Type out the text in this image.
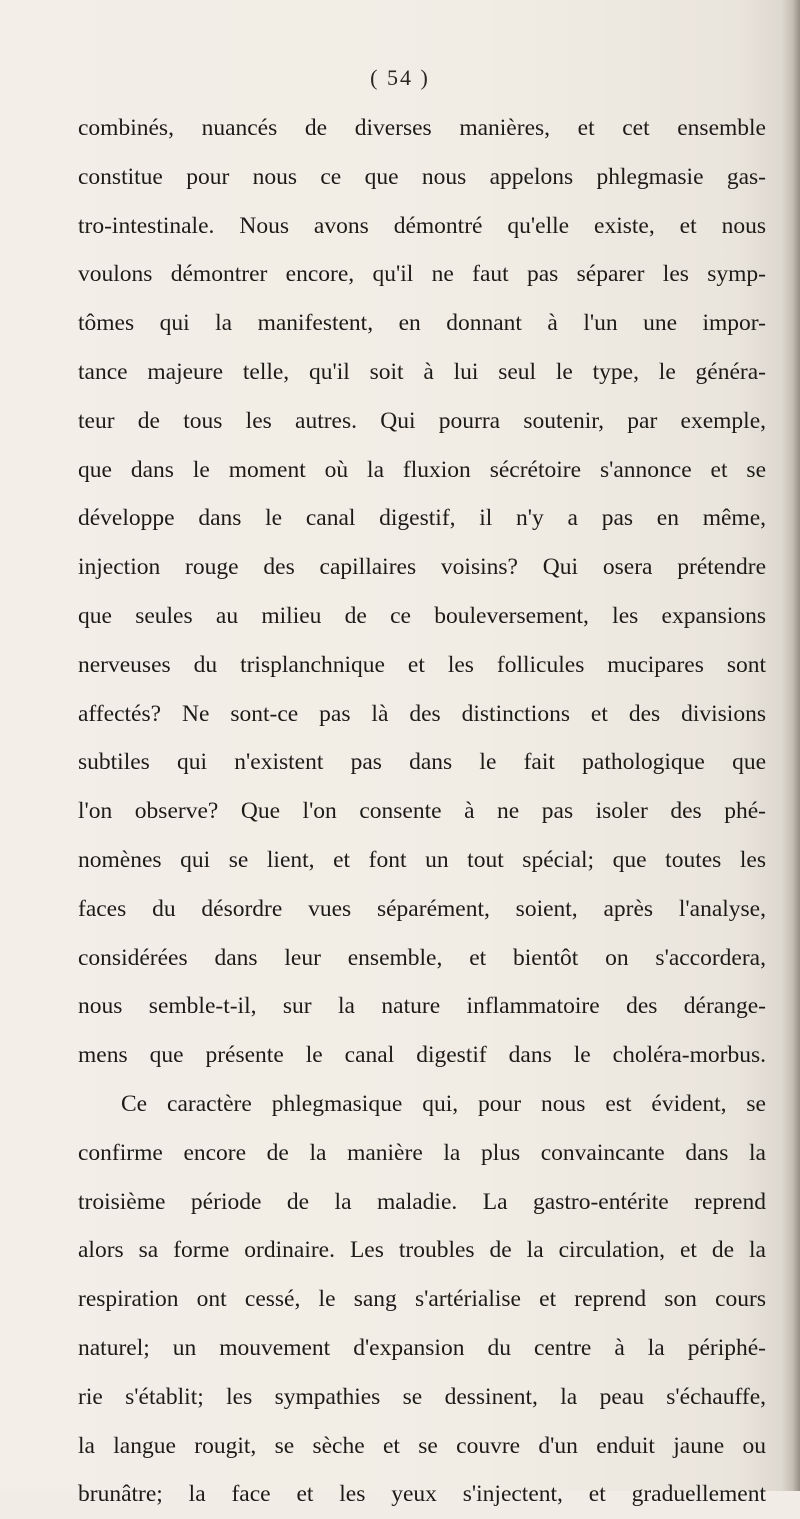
( 54 )
combinés, nuancés de diverses manières, et cet ensemble
constitue pour nous ce que nous appelons phlegmasie gas-
tro-intestinale. Nous avons démontré qu'elle existe, et nous
voulons démontrer encore, qu'il ne faut pas séparer les symp-
tômes qui la manifestent, en donnant à l'un une impor-
tance majeure telle, qu'il soit à lui seul le type, le généra-
teur de tous les autres. Qui pourra soutenir, par exemple,
que dans le moment où la fluxion sécrétoire s'annonce et se
développe dans le canal digestif, il n'y a pas en même,
injection rouge des capillaires voisins? Qui osera prétendre
que seules au milieu de ce bouleversement, les expansions
nerveuses du trisplanchnique et les follicules mucipares sont
affectés? Ne sont-ce pas là des distinctions et des divisions
subtiles qui n'existent pas dans le fait pathologique que
l'on observe? Que l'on consente à ne pas isoler des phé-
nomènes qui se lient, et font un tout spécial; que toutes les
faces du désordre vues séparément, soient, après l'analyse,
considérées dans leur ensemble, et bientôt on s'accordera,
nous semble-t-il, sur la nature inflammatoire des dérange-
mens que présente le canal digestif dans le choléra-morbus.
Ce caractère phlegmasique qui, pour nous est évident, se
confirme encore de la manière la plus convaincante dans la
troisième période de la maladie. La gastro-entérite reprend
alors sa forme ordinaire. Les troubles de la circulation, et de la
respiration ont cessé, le sang s'artérialise et reprend son cours
naturel; un mouvement d'expansion du centre à la périphé-
rie s'établit; les sympathies se dessinent, la peau s'échauffe,
la langue rougit, se sèche et se couvre d'un enduit jaune ou
brunâtre; la face et les yeux s'injectent, et graduellement
